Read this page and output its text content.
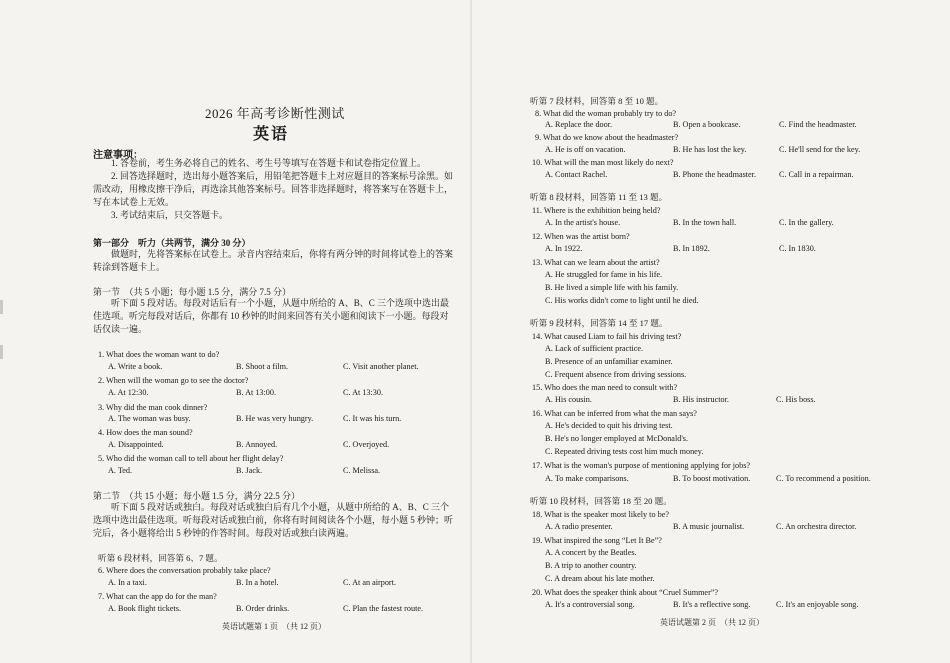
2026 年高考诊断性测试
英语
注意事项：
1. 答卷前，考生务必将自己的姓名、考生号等填写在答题卡和试卷指定位置上。
2. 回答选择题时，选出每小题答案后，用铅笔把答题卡上对应题目的答案标号涂黑。如需改动，用橡皮擦干净后，再选涂其他答案标号。回答非选择题时，将答案写在答题卡上，写在本试卷上无效。
3. 考试结束后，只交答题卡。
第一部分　听力（共两节，满分 30 分）
做题时，先将答案标在试卷上。录音内容结束后，你将有两分钟的时间将试卷上的答案转涂到答题卡上。
第一节　（共 5 小题；每小题 1.5 分，满分 7.5 分）
听下面 5 段对话。每段对话后有一个小题，从题中所给的 A、B、C 三个选项中选出最佳选项。听完每段对话后，你都有 10 秒钟的时间来回答有关小题和阅读下一小题。每段对话仅读一遍。
1. What does the woman want to do?
A. Write a book.	B. Shoot a film.	C. Visit another planet.
2. When will the woman go to see the doctor?
A. At 12:30.	B. At 13:00.	C. At 13:30.
3. Why did the man cook dinner?
A. The woman was busy.	B. He was very hungry.	C. It was his turn.
4. How does the man sound?
A. Disappointed.	B. Annoyed.	C. Overjoyed.
5. Who did the woman call to tell about her flight delay?
A. Ted.	B. Jack.	C. Melissa.
第二节　（共 15 小题；每小题 1.5 分，满分 22.5 分）
听下面 5 段对话或独白。每段对话或独白后有几个小题，从题中所给的 A、B、C 三个选项中选出最佳选项。听每段对话或独白前，你将有时间阅读各个小题，每小题 5 秒钟；听完后，各小题将给出 5 秒钟的作答时间。每段对话或独白读两遍。
听第 6 段材料，回答第 6、7 题。
6. Where does the conversation probably take place?
A. In a taxi.	B. In a hotel.	C. At an airport.
7. What can the app do for the man?
A. Book flight tickets.	B. Order drinks.	C. Plan the fastest route.
英语试题第 1 页　（共 12 页）
听第 7 段材料，回答第 8 至 10 题。
8. What did the woman probably try to do?
A. Replace the door.	B. Open a bookcase.	C. Find the headmaster.
9. What do we know about the headmaster?
A. He is off on vacation.	B. He has lost the key.	C. He'll send for the key.
10. What will the man most likely do next?
A. Contact Rachel.	B. Phone the headmaster.	C. Call in a repairman.
听第 8 段材料，回答第 11 至 13 题。
11. Where is the exhibition being held?
A. In the artist's house.	B. In the town hall.	C. In the gallery.
12. When was the artist born?
A. In 1922.	B. In 1892.	C. In 1830.
13. What can we learn about the artist?
A. He struggled for fame in his life.
B. He lived a simple life with his family.
C. His works didn't come to light until he died.
听第 9 段材料，回答第 14 至 17 题。
14. What caused Liam to fail his driving test?
A. Lack of sufficient practice.
B. Presence of an unfamiliar examiner.
C. Frequent absence from driving sessions.
15. Who does the man need to consult with?
A. His cousin.	B. His instructor.	C. His boss.
16. What can be inferred from what the man says?
A. He's decided to quit his driving test.
B. He's no longer employed at McDonald's.
C. Repeated driving tests cost him much money.
17. What is the woman's purpose of mentioning applying for jobs?
A. To make comparisons.	B. To boost motivation.	C. To recommend a position.
听第 10 段材料，回答第 18 至 20 题。
18. What is the speaker most likely to be?
A. A radio presenter.	B. A music journalist.	C. An orchestra director.
19. What inspired the song “Let It Be”?
A. A concert by the Beatles.
B. A trip to another country.
C. A dream about his late mother.
20. What does the speaker think about “Cruel Summer”?
A. It's a controversial song.	B. It's a reflective song.	C. It's an enjoyable song.
英语试题第 2 页　（共 12 页）
